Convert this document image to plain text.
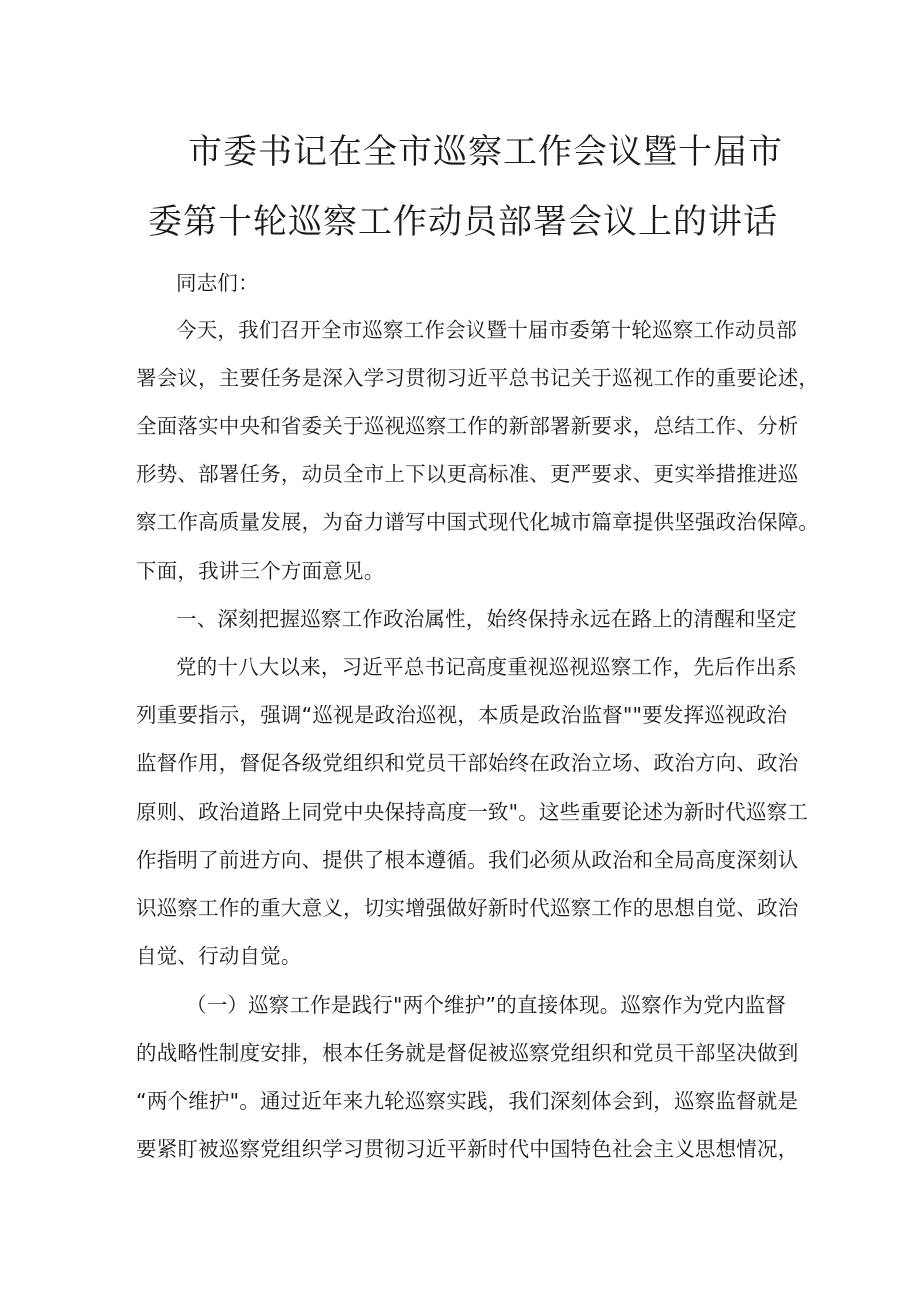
市委书记在全市巡察工作会议暨十届市
委第十轮巡察工作动员部署会议上的讲话
同志们：
今天，我们召开全市巡察工作会议暨十届市委第十轮巡察工作动员部
署会议，主要任务是深入学习贯彻习近平总书记关于巡视工作的重要论述，
全面落实中央和省委关于巡视巡察工作的新部署新要求，总结工作、分析
形势、部署任务，动员全市上下以更高标准、更严要求、更实举措推进巡
察工作高质量发展，为奋力谱写中国式现代化城市篇章提供坚强政治保障。
下面，我讲三个方面意见。
一、深刻把握巡察工作政治属性，始终保持永远在路上的清醒和坚定
党的十八大以来，习近平总书记高度重视巡视巡察工作，先后作出系
列重要指示，强调“巡视是政治巡视，本质是政治监督""要发挥巡视政治
监督作用，督促各级党组织和党员干部始终在政治立场、政治方向、政治
原则、政治道路上同党中央保持高度一致"。这些重要论述为新时代巡察工
作指明了前进方向、提供了根本遵循。我们必须从政治和全局高度深刻认
识巡察工作的重大意义，切实增强做好新时代巡察工作的思想自觉、政治
自觉、行动自觉。
（一）巡察工作是践行"两个维护”的直接体现。巡察作为党内监督
的战略性制度安排，根本任务就是督促被巡察党组织和党员干部坚决做到
“两个维护"。通过近年来九轮巡察实践，我们深刻体会到，巡察监督就是
要紧盯被巡察党组织学习贯彻习近平新时代中国特色社会主义思想情况，
